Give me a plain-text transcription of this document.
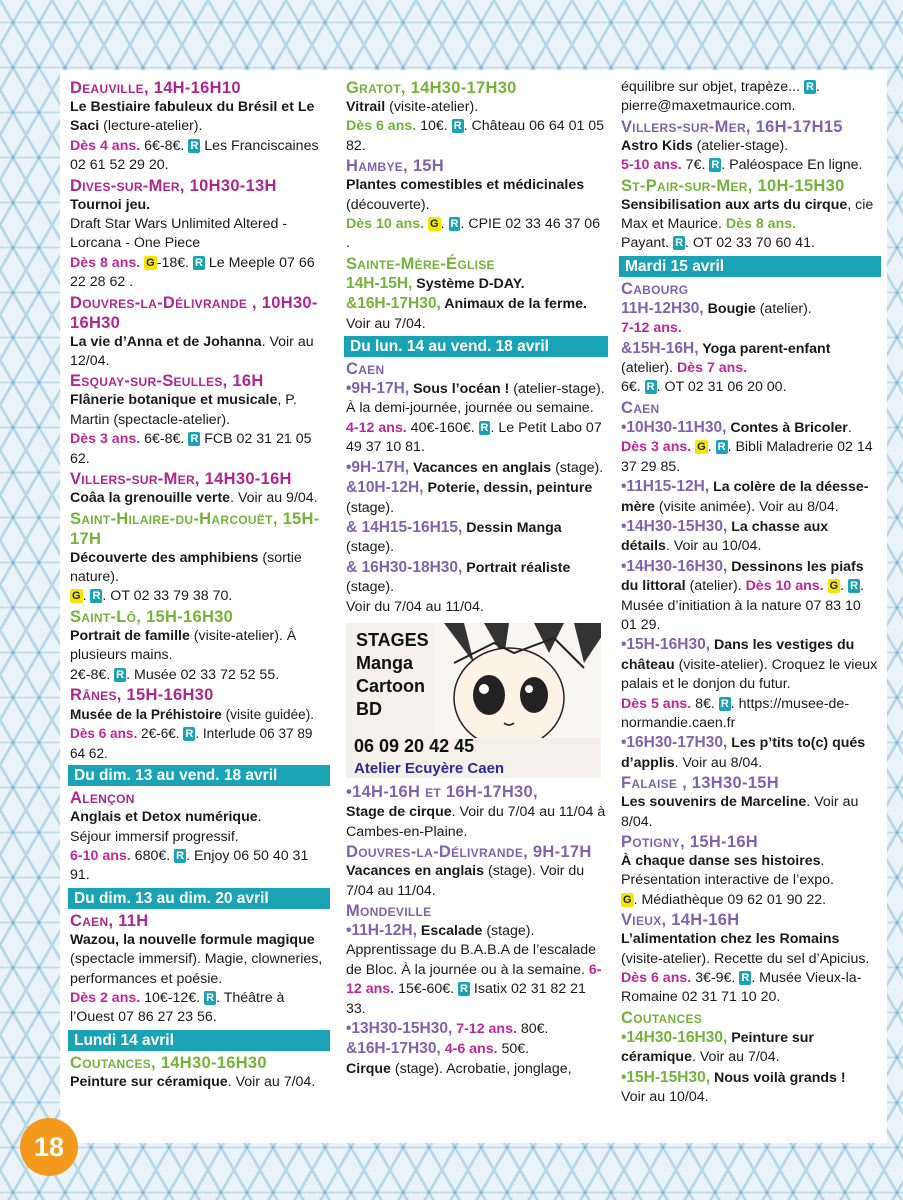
Deauville, 14H-16H10
Le Bestiaire fabuleux du Brésil et Le Saci (lecture-atelier).
Dès 4 ans. 6€-8€. R Les Franciscaines 02 61 52 29 20.
Dives-sur-Mer, 10H30-13H
Tournoi jeu.
Draft Star Wars Unlimited Altered - Lorcana - One Piece
Dès 8 ans. G -18€. R Le Meeple 07 66 22 28 62 .
Douvres-la-Délivrande , 10H30-16H30
La vie d’Anna et de Johanna. Voir au 12/04.
Esquay-sur-Seulles, 16H
Flânerie botanique et musicale, P. Martin (spectacle-atelier).
Dès 3 ans. 6€-8€. R FCB 02 31 21 05 62.
Villers-sur-Mer, 14H30-16H
Coâa la grenouille verte. Voir au 9/04.
Saint-Hilaire-du-Harcouët, 15H-17H
Découverte des amphibiens (sortie nature).
G . R . OT 02 33 79 38 70.
Saint-Lô, 15H-16H30
Portrait de famille (visite-atelier). À plusieurs mains.
2€-8€. R . Musée 02 33 72 52 55.
Rânes, 15H-16H30
Musée de la Préhistoire (visite guidée).
Dès 6 ans. 2€-6€. R . Interlude 06 37 89 64 62.
Du dim. 13 au vend. 18 avril
Alençon
Anglais et Detox numérique.
Séjour immersif progressif.
6-10 ans. 680€. R . Enjoy 06 50 40 31 91.
Du dim. 13 au dim. 20 avril
Caen, 11H
Wazou, la nouvelle formule magique (spectacle immersif). Magie, clowneries, performances et poésie.
Dès 2 ans. 10€-12€. R . Théâtre à l’Ouest 07 86 27 23 56.
Lundi 14 avril
Coutances, 14H30-16H30
Peinture sur céramique. Voir au 7/04.
Gratot, 14H30-17H30
Vitrail (visite-atelier).
Dès 6 ans. 10€. R . Château 06 64 01 05 82.
Hambye, 15H
Plantes comestibles et médicinales (découverte).
Dès 10 ans. G . R . CPIE 02 33 46 37 06 .
Sainte-Mère-Église
14H-15H, Système D-DAY.
&16H-17H30, Animaux de la ferme.
Voir au 7/04.
Du lun. 14 au vend. 18 avril
Caen
•9H-17H, Sous l’océan ! (atelier-stage). À la demi-journée, journée ou semaine. 4-12 ans. 40€-160€. R . Le Petit Labo 07 49 37 10 81.
•9H-17H, Vacances en anglais (stage).
&10H-12H, Poterie, dessin, peinture (stage).
& 14H15-16H15, Dessin Manga (stage).
& 16H30-18H30, Portrait réaliste (stage).
Voir du 7/04 au 11/04.
STAGES
Manga
Cartoon
BD
06 09 20 42 45
Atelier Ecuyère Caen
•14H-16H et 16H-17H30,
Stage de cirque. Voir du 7/04 au 11/04 à Cambes-en-Plaine.
Douvres-la-Délivrande, 9H-17H
Vacances en anglais (stage). Voir du 7/04 au 11/04.
Mondeville
•11H-12H, Escalade (stage). Apprentissage du B.A.B.A de l’escalade de Bloc. À la journée ou à la semaine. 6-12 ans. 15€-60€. R Isatix 02 31 82 21 33.
•13H30-15H30, 7-12 ans. 80€.
&16H-17H30, 4-6 ans. 50€.
Cirque (stage). Acrobatie, jonglage,
équilibre sur objet, trapèze... R .
pierre@maxetmaurice.com.
Villers-sur-Mer, 16H-17H15
Astro Kids (atelier-stage).
5-10 ans. 7€. R . Paléospace En ligne.
St-Pair-sur-Mer, 10H-15H30
Sensibilisation aux arts du cirque, cie Max et Maurice. Dès 8 ans.
Payant. R . OT 02 33 70 60 41.
Mardi 15 avril
Cabourg
11H-12H30, Bougie (atelier).
7-12 ans.
&15H-16H, Yoga parent-enfant (atelier). Dès 7 ans.
6€. R . OT 02 31 06 20 00.
Caen
•10H30-11H30, Contes à Bricoler. Dès 3 ans. G . R . Bibli Maladrerie 02 14 37 29 85.
•11H15-12H, La colère de la déesse-mère (visite animée). Voir au 8/04.
•14H30-15H30, La chasse aux détails. Voir au 10/04.
•14H30-16H30, Dessinons les piafs du littoral (atelier). Dès 10 ans. G . R . Musée d’initiation à la nature 07 83 10 01 29.
•15H-16H30, Dans les vestiges du château (visite-atelier). Croquez le vieux palais et le donjon du futur.
Dès 5 ans. 8€. R . https://musee-de-normandie.caen.fr
•16H30-17H30, Les p’tits to(c) qués d’applis. Voir au 8/04.
Falaise , 13H30-15H
Les souvenirs de Marceline. Voir au 8/04.
Potigny, 15H-16H
À chaque danse ses histoires.
Présentation interactive de l’expo.
G . Médiathèque 09 62 01 90 22.
Vieux, 14H-16H
L’alimentation chez les Romains (visite-atelier). Recette du sel d’Apicius.
Dès 6 ans. 3€-9€. R . Musée Vieux-la-Romaine 02 31 71 10 20.
Coutances
•14H30-16H30, Peinture sur céramique. Voir au 7/04.
•15H-15H30, Nous voilà grands !
Voir au 10/04.
18
